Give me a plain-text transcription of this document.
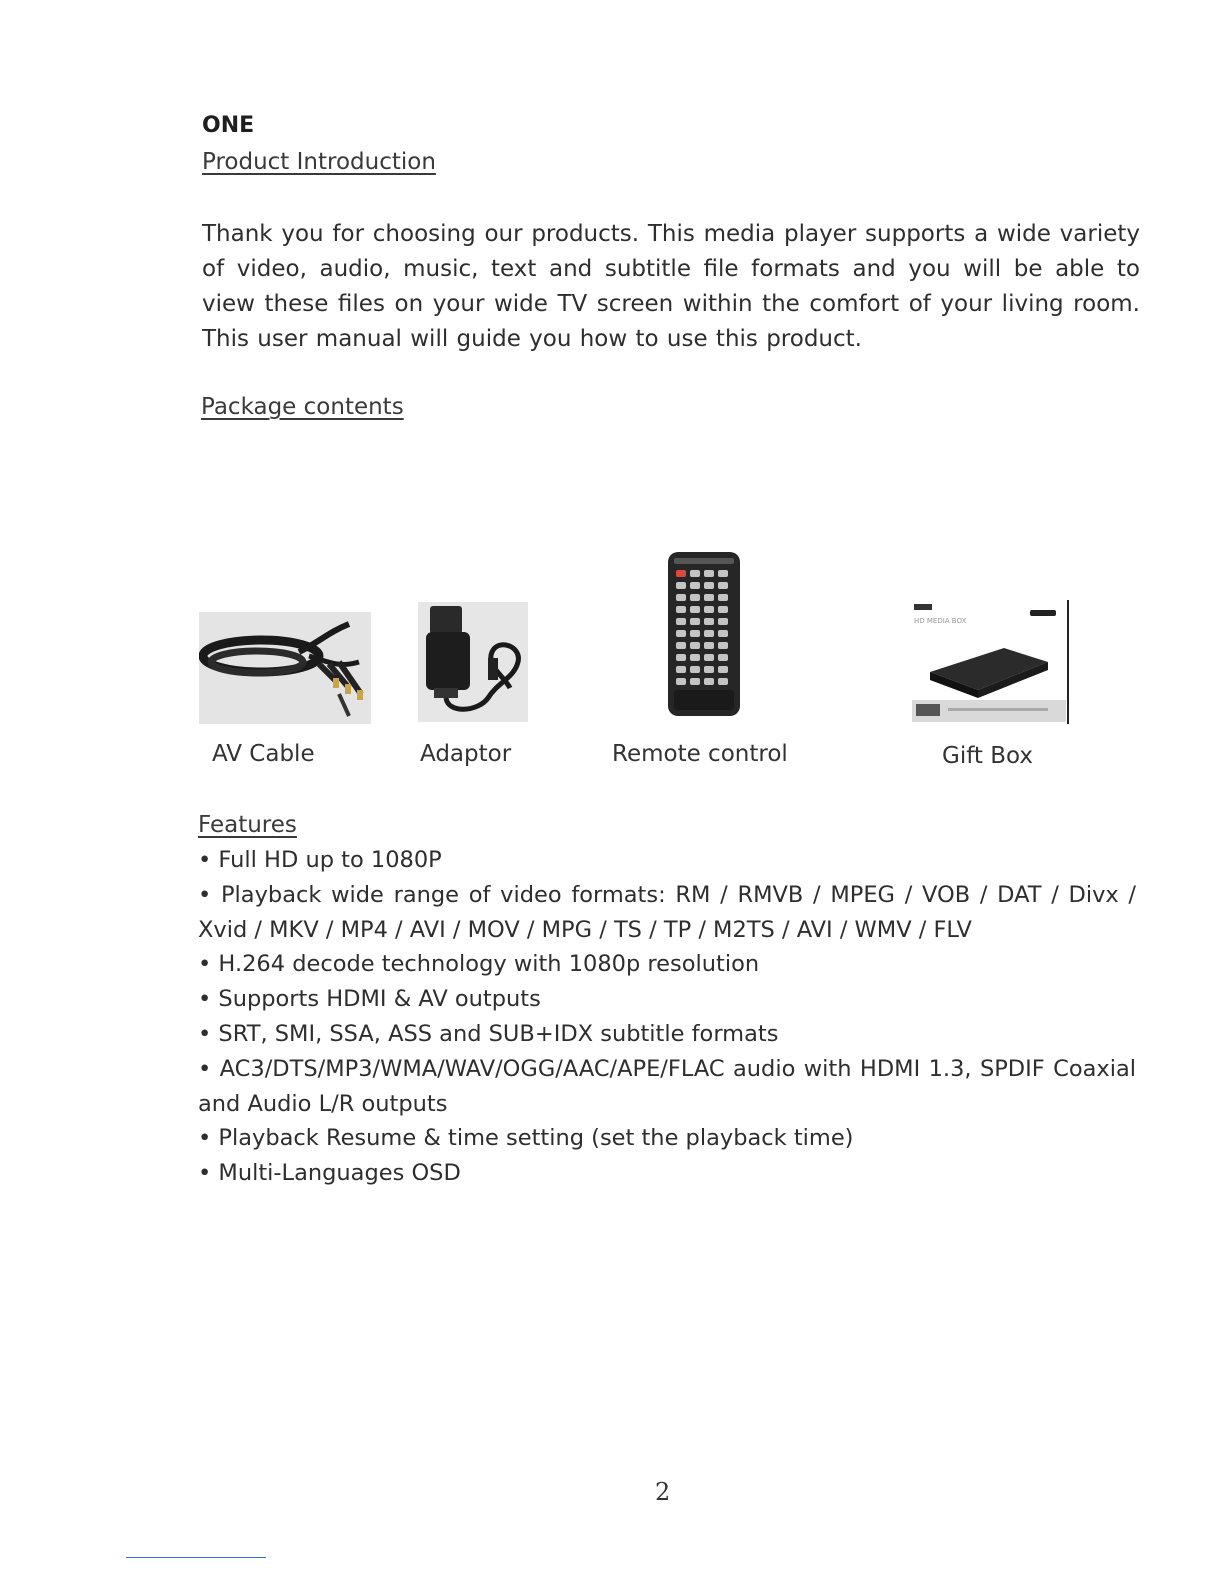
ONE
Product Introduction
Thank you for choosing our products. This media player supports a wide variety of video, audio, music, text and subtitle file formats and you will be able to view these files on your wide TV screen within the comfort of your living room. This user manual will guide you how to use this product.
Package contents
HD MEDIA BOX
AV Cable	Adaptor	Remote control	Gift Box
Features
• Full HD up to 1080P
• Playback wide range of video formats: RM / RMVB / MPEG / VOB / DAT / Divx / Xvid / MKV / MP4 / AVI / MOV / MPG / TS / TP / M2TS / AVI / WMV / FLV
• H.264 decode technology with 1080p resolution
• Supports HDMI & AV outputs
• SRT, SMI, SSA, ASS and SUB+IDX subtitle formats
• AC3/DTS/MP3/WMA/WAV/OGG/AAC/APE/FLAC audio with HDMI 1.3, SPDIF Coaxial and Audio L/R outputs
• Playback Resume & time setting (set the playback time)
• Multi-Languages OSD
2
